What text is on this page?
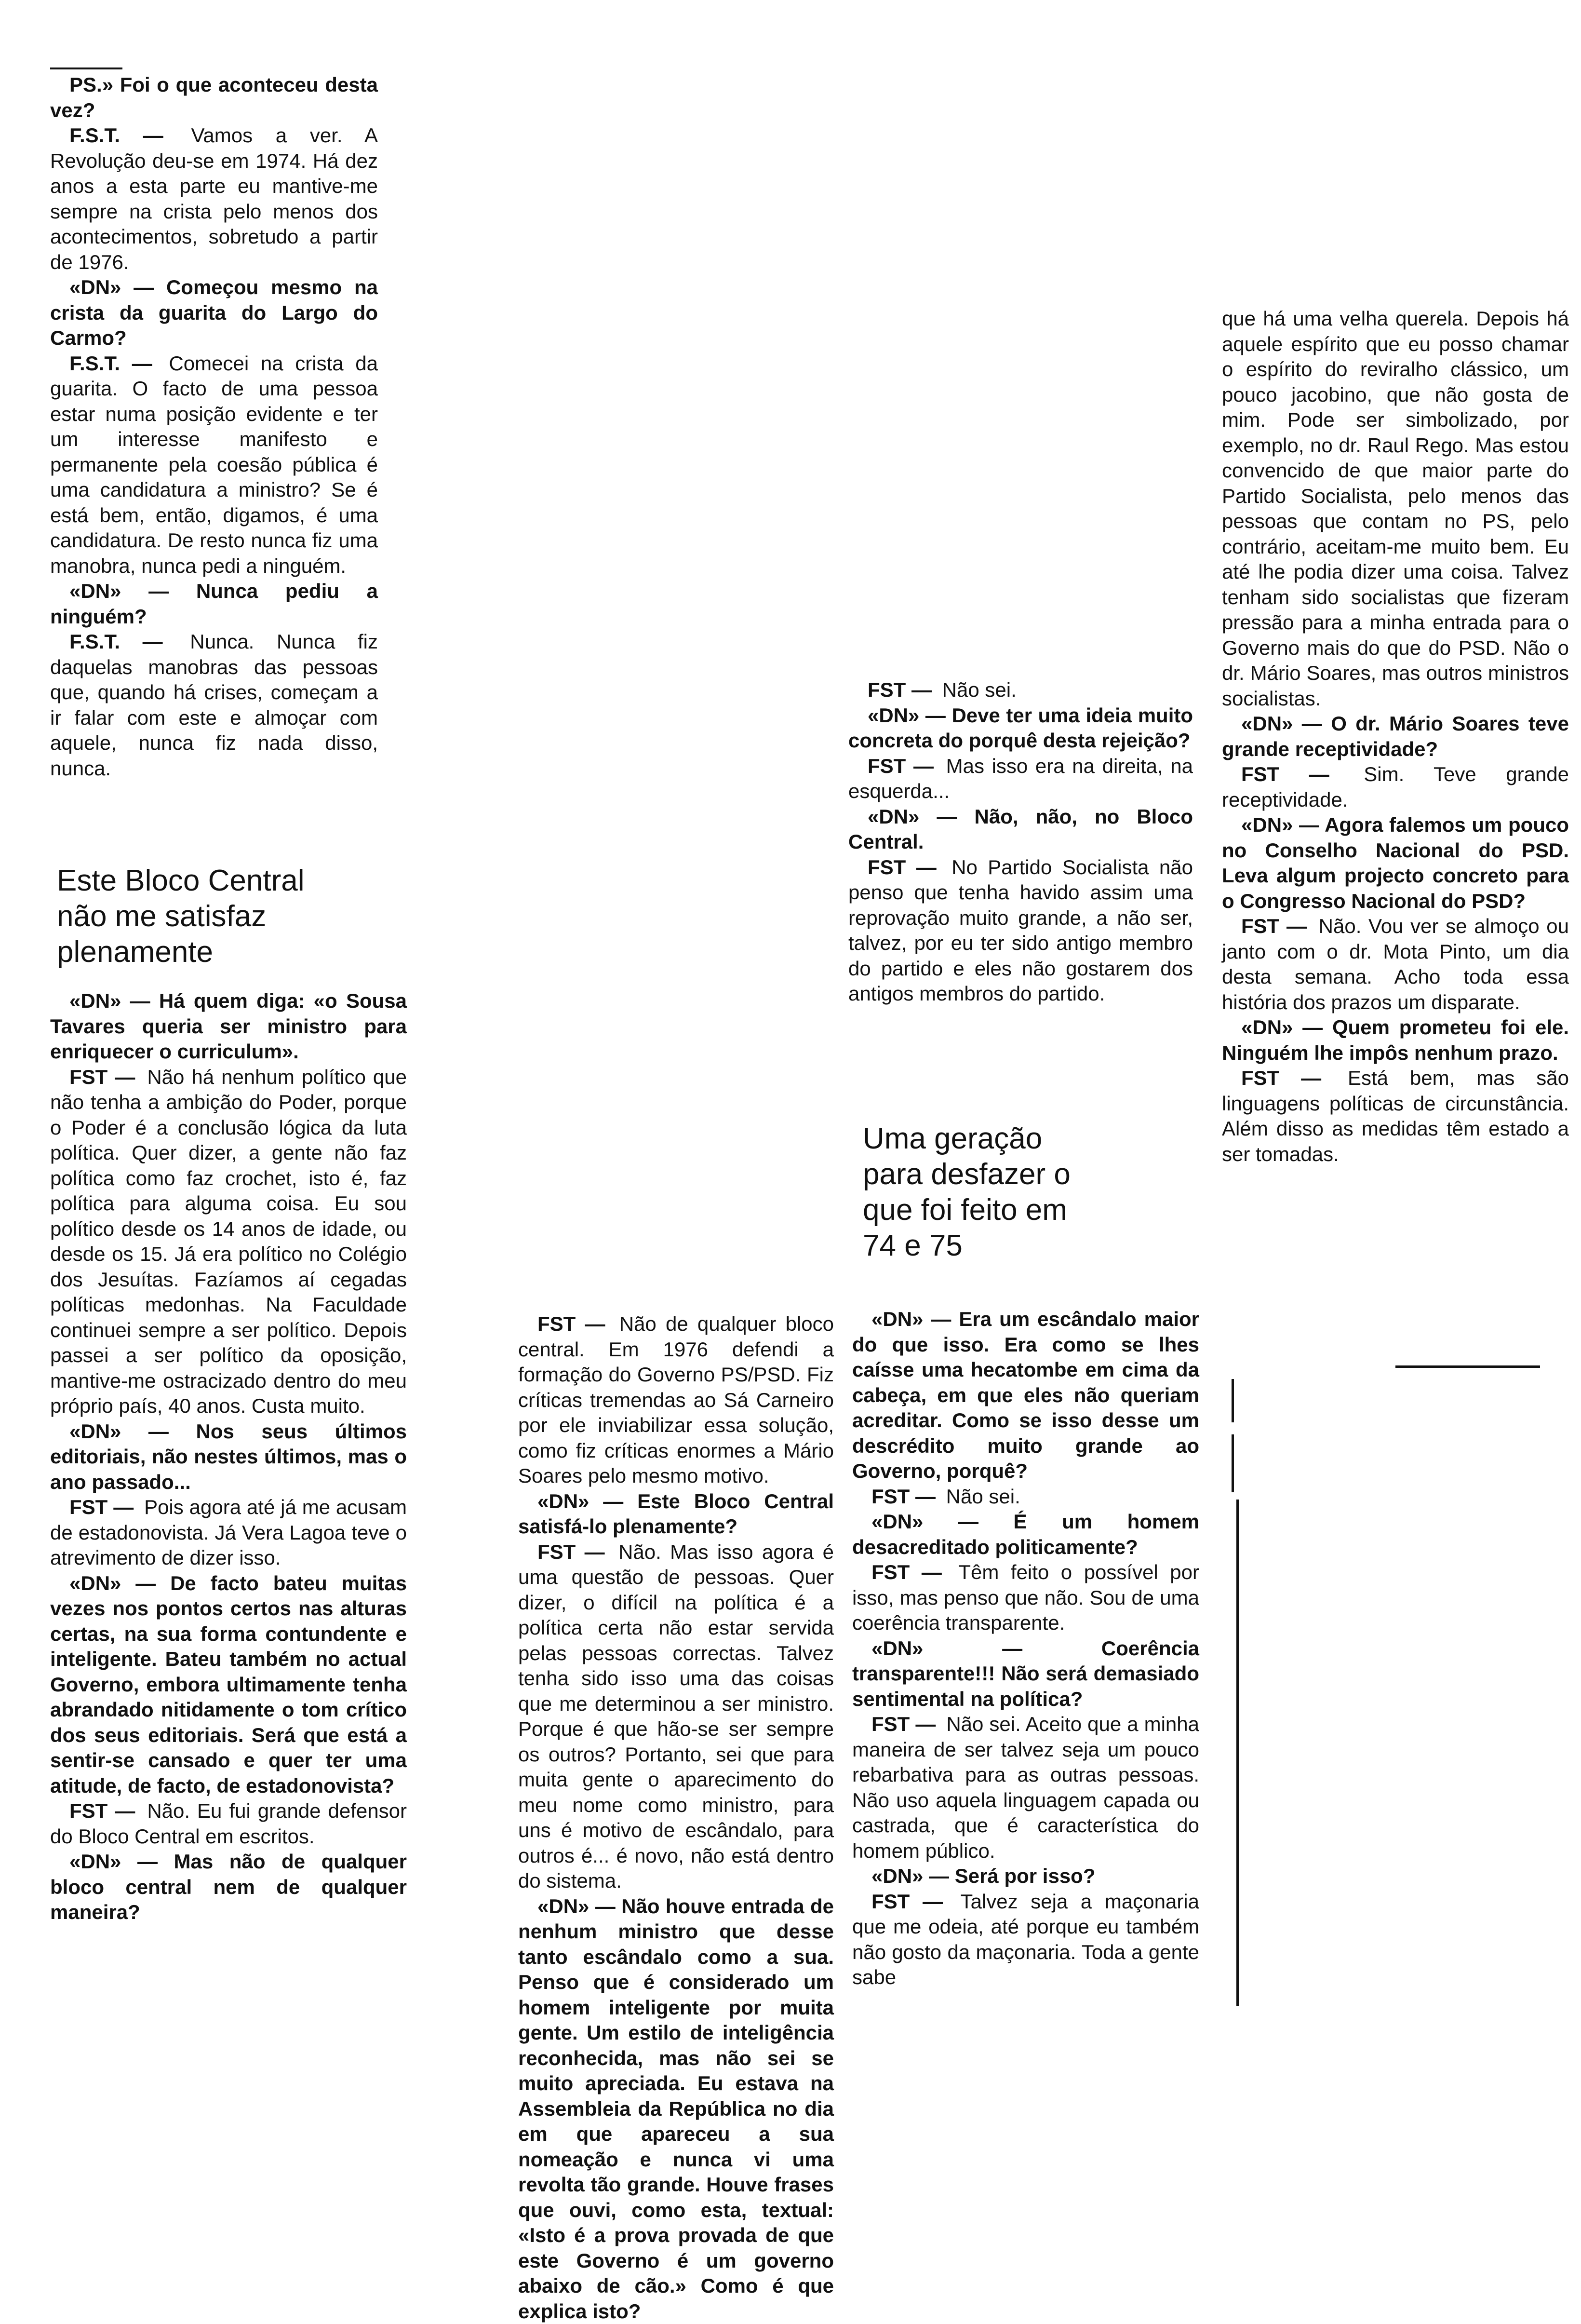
PS.» Foi o que aconteceu desta vez?

F.S.T. — Vamos a ver. A Revolução deu-se em 1974. Há dez anos a esta parte eu mantive-me sempre na crista pelo menos dos acontecimentos, sobretudo a partir de 1976.

«DN» — Começou mesmo na crista da guarita do Largo do Carmo?

F.S.T. — Comecei na crista da guarita. O facto de uma pessoa estar numa posição evidente e ter um interesse manifesto e permanente pela coesão pública é uma candidatura a ministro? Se é está bem, então, digamos, é uma candidatura. De resto nunca fiz uma manobra, nunca pedi a ninguém.

«DN» — Nunca pediu a ninguém?

F.S.T. — Nunca. Nunca fiz daquelas manobras das pessoas que, quando há crises, começam a ir falar com este e almoçar com aquele, nunca fiz nada disso, nunca.

Este Bloco Central não me satisfaz plenamente

«DN» — Há quem diga: «o Sousa Tavares queria ser ministro para enriquecer o curriculum».

FST — Não há nenhum político que não tenha a ambição do Poder, porque o Poder é a conclusão lógica da luta política. Quer dizer, a gente não faz política como faz crochet, isto é, faz política para alguma coisa. Eu sou político desde os 14 anos de idade, ou desde os 15. Já era político no Colégio dos Jesuítas. Fazíamos aí cegadas políticas medonhas. Na Faculdade continuei sempre a ser político. Depois passei a ser político da oposição, mantive-me ostracizado dentro do meu próprio país, 40 anos. Custa muito.

«DN» — Nos seus últimos editoriais, não nestes últimos, mas o ano passado...

FST — Pois agora até já me acusam de estadonovista. Já Vera Lagoa teve o atrevimento de dizer isso.

«DN» — De facto bateu muitas vezes nos pontos certos nas alturas certas, na sua forma contundente e inteligente. Bateu também no actual Governo, embora ultimamente tenha abrandado nitidamente o tom crítico dos seus editoriais. Será que está a sentir-se cansado e quer ter uma atitude, de facto, de estadonovista?

FST — Não. Eu fui grande defensor do Bloco Central em escritos.

«DN» — Mas não de qualquer bloco central nem de qualquer maneira?

FST — Não de qualquer bloco central. Em 1976 defendi a formação do Governo PS/PSD. Fiz críticas tremendas ao Sá Carneiro por ele inviabilizar essa solução, como fiz críticas enormes a Mário Soares pelo mesmo motivo.

«DN» — Este Bloco Central satisfá-lo plenamente?

FST — Não. Mas isso agora é uma questão de pessoas. Quer dizer, o difícil na política é a política certa não estar servida pelas pessoas correctas. Talvez tenha sido isso uma das coisas que me determinou a ser ministro. Porque é que hão-se ser sempre os outros? Portanto, sei que para muita gente o aparecimento do meu nome como ministro, para uns é motivo de escândalo, para outros é... é novo, não está dentro do sistema.

«DN» — Não houve entrada de nenhum ministro que desse tanto escândalo como a sua. Penso que é considerado um homem inteligente por muita gente. Um estilo de inteligência reconhecida, mas não sei se muito apreciada. Eu estava na Assembleia da República no dia em que apareceu a sua nomeação e nunca vi uma revolta tão grande. Houve frases que ouvi, como esta, textual: «Isto é a prova provada de que este Governo é um governo abaixo de cão.» Como é que explica isto?

FST — Não sei.

«DN» — Deve ter uma ideia muito concreta do porquê desta rejeição?

FST — Mas isso era na direita, na esquerda...

«DN» — Não, não, no Bloco Central.

FST — No Partido Socialista não penso que tenha havido assim uma reprovação muito grande, a não ser, talvez, por eu ter sido antigo membro do partido e eles não gostarem dos antigos membros do partido.

Uma geração para desfazer o que foi feito em 74 e 75

«DN» — Era um escândalo maior do que isso. Era como se lhes caísse uma hecatombe em cima da cabeça, em que eles não queriam acreditar. Como se isso desse um descrédito muito grande ao Governo, porquê?

FST — Não sei.

«DN» — É um homem desacreditado politicamente?

FST — Têm feito o possível por isso, mas penso que não. Sou de uma coerência transparente.

«DN» — Coerência transparente!!! Não será demasiado sentimental na política?

FST — Não sei. Aceito que a minha maneira de ser talvez seja um pouco rebarbativa para as outras pessoas. Não uso aquela linguagem capada ou castrada, que é característica do homem público.

«DN» — Será por isso?

FST — Talvez seja a maçonaria que me odeia, até porque eu também não gosto da maçonaria. Toda a gente sabe

que há uma velha querela. Depois há aquele espírito que eu posso chamar o espírito do reviralho clássico, um pouco jacobino, que não gosta de mim. Pode ser simbolizado, por exemplo, no dr. Raul Rego. Mas estou convencido de que maior parte do Partido Socialista, pelo menos das pessoas que contam no PS, pelo contrário, aceitam-me muito bem. Eu até lhe podia dizer uma coisa. Talvez tenham sido socialistas que fizeram pressão para a minha entrada para o Governo mais do que do PSD. Não o dr. Mário Soares, mas outros ministros socialistas.

«DN» — O dr. Mário Soares teve grande receptividade?

FST — Sim. Teve grande receptividade.

«DN» — Agora falemos um pouco no Conselho Nacional do PSD. Leva algum projecto concreto para o Congresso Nacional do PSD?

FST — Não. Vou ver se almoço ou janto com o dr. Mota Pinto, um dia desta semana. Acho toda essa história dos prazos um disparate.

«DN» — Quem prometeu foi ele. Ninguém lhe impôs nenhum prazo.

FST — Está bem, mas são linguagens políticas de circunstância. Além disso as medidas têm estado a ser tomadas.
